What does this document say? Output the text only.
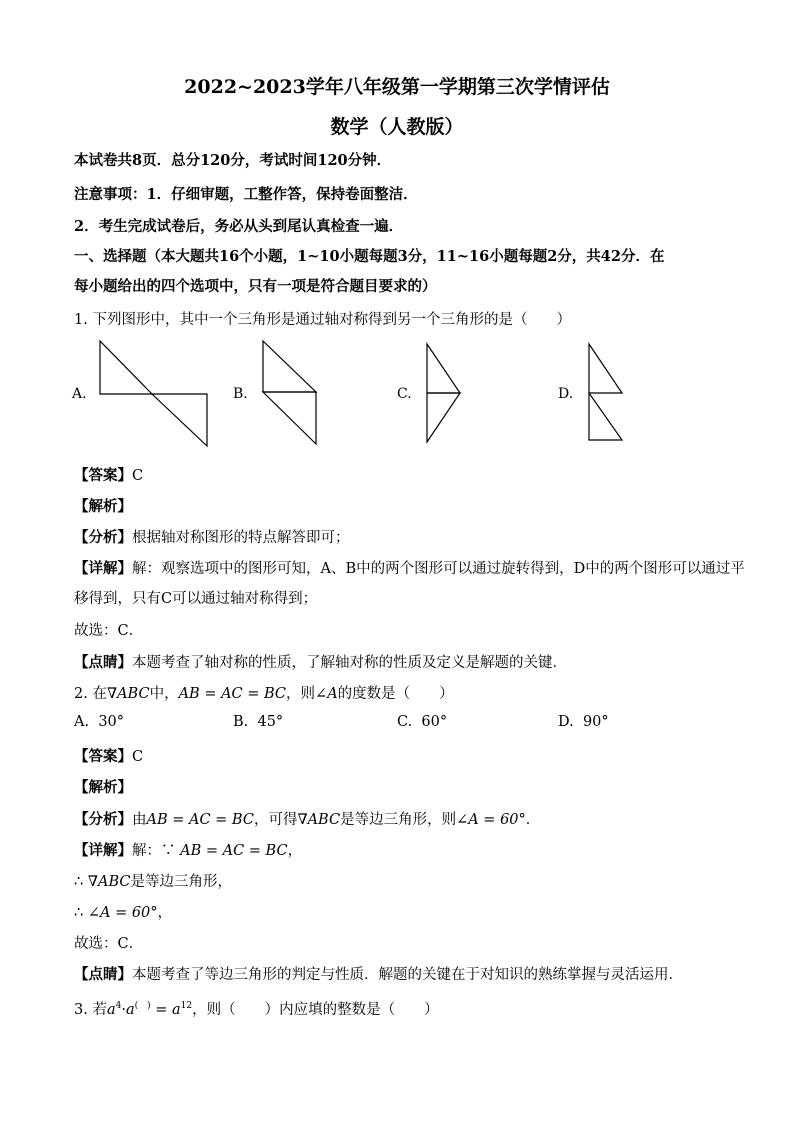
2022~2023学年八年级第一学期第三次学情评估
数学（人教版）
本试卷共8页．总分120分，考试时间120分钟．
注意事项：1．仔细审题，工整作答，保持卷面整洁．
2．考生完成试卷后，务必从头到尾认真检查一遍．
一、选择题（本大题共16个小题，1~10小题每题3分，11~16小题每题2分，共42分．在
每小题给出的四个选项中，只有一项是符合题目要求的）
1. 下列图形中，其中一个三角形是通过轴对称得到另一个三角形的是（　　）
A.	B.	C.	D.
【答案】C
【解析】
【分析】根据轴对称图形的特点解答即可；
【详解】解：观察选项中的图形可知，A、B中的两个图形可以通过旋转得到，D中的两个图形可以通过平
移得到，只有C可以通过轴对称得到；
故选：C．
【点睛】本题考查了轴对称的性质，了解轴对称的性质及定义是解题的关键．
2. 在∇ABC中，AB = AC = BC，则∠A的度数是（　　）
A. 30°	B. 45°	C. 60°	D. 90°
【答案】C
【解析】
【分析】由AB = AC = BC，可得∇ABC是等边三角形，则∠A = 60°．
【详解】解：∵ AB = AC = BC，
∴ ∇ABC是等边三角形，
∴ ∠A = 60°，
故选：C．
【点睛】本题考查了等边三角形的判定与性质．解题的关键在于对知识的熟练掌握与灵活运用．
3. 若$a^4\cdot a^{( )} = a^{12}$，则（　　）内应填的整数是（　　）
